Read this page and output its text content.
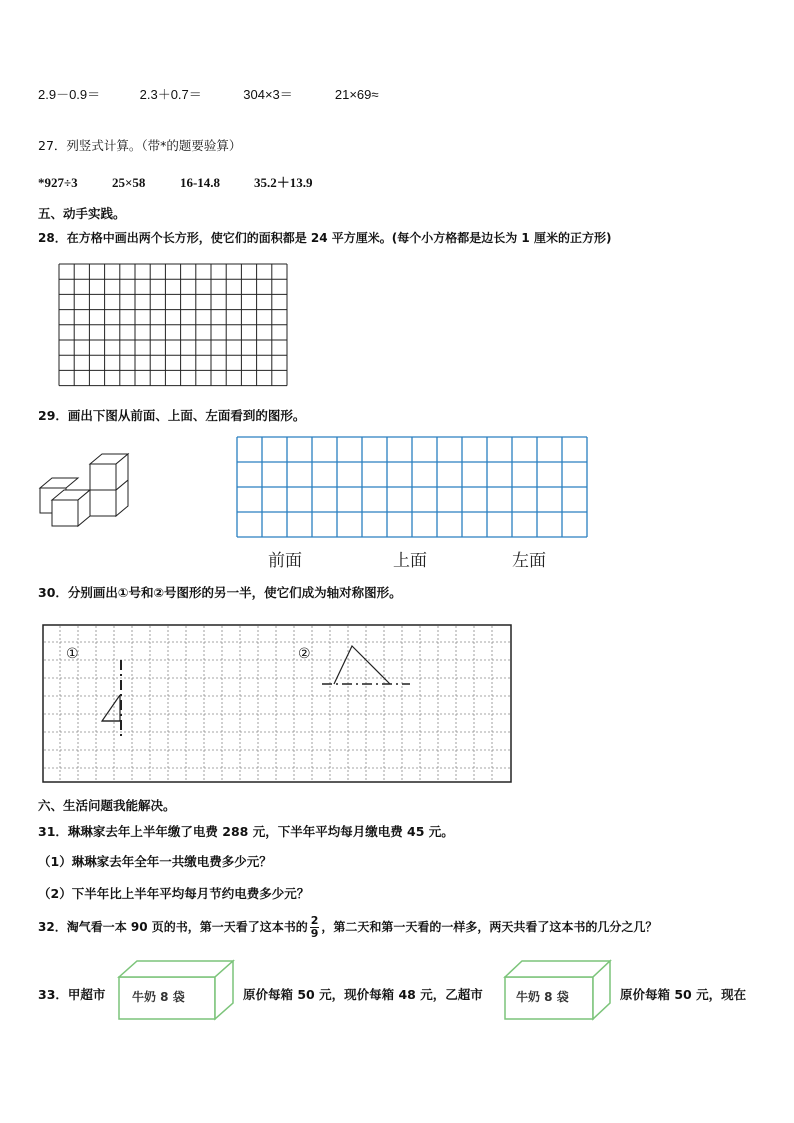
2.9－0.9＝	2.3＋0.7＝	304×3＝	21×69≈
27．列竖式计算。（带*的题要验算）
*927÷3	25×58	16-14.8	35.2＋13.9
五、动手实践。
28．在方格中画出两个长方形，使它们的面积都是 24 平方厘米。(每个小方格都是边长为 1 厘米的正方形)
29．画出下图从前面、上面、左面看到的图形。
前面	上面	左面
30．分别画出①号和②号图形的另一半，使它们成为轴对称图形。
①	②
六、生活问题我能解决。
31．琳琳家去年上半年缴了电费 288 元，下半年平均每月缴电费 45 元。
（1）琳琳家去年全年一共缴电费多少元？
（2）下半年比上半年平均每月节约电费多少元？
32．淘气看一本 90 页的书，第一天看了这本书的 $\frac{2}{9}$ ，第二天和第一天看的一样多，两天共看了这本书的几分之几？
33．甲超市 牛奶 8 袋	原价每箱 50 元，现价每箱 48 元，乙超市	牛奶 8 袋	原价每箱 50 元，现在
